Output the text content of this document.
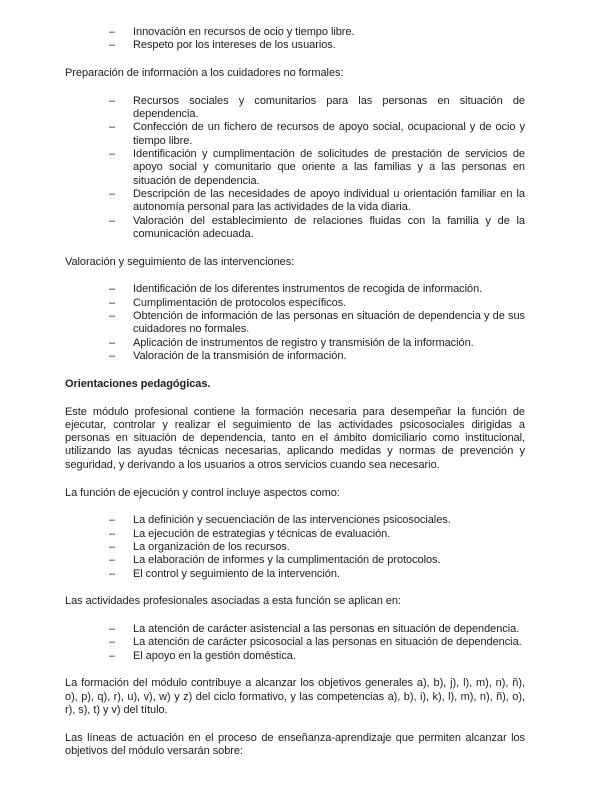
– Innovación en recursos de ocio y tiempo libre.
– Respeto por los intereses de los usuarios.

Preparación de información a los cuidadores no formales:

– Recursos sociales y comunitarios para las personas en situación de dependencia.
– Confección de un fichero de recursos de apoyo social, ocupacional y de ocio y tiempo libre.
– Identificación y cumplimentación de solicitudes de prestación de servicios de apoyo social y comunitario que oriente a las familias y a las personas en situación de dependencia.
– Descripción de las necesidades de apoyo individual u orientación familiar en la autonomía personal para las actividades de la vida diaria.
– Valoración del establecimiento de relaciones fluidas con la familia y de la comunicación adecuada.

Valoración y seguimiento de las intervenciones:

– Identificación de los diferentes instrumentos de recogida de información.
– Cumplimentación de protocolos específicos.
– Obtención de información de las personas en situación de dependencia y de sus cuidadores no formales.
– Aplicación de instrumentos de registro y transmisión de la información.
– Valoración de la transmisión de información.

Orientaciones pedagógicas.

Este módulo profesional contiene la formación necesaria para desempeñar la función de ejecutar, controlar y realizar el seguimiento de las actividades psicosociales dirigidas a personas en situación de dependencia, tanto en el ámbito domiciliario como institucional, utilizando las ayudas técnicas necesarias, aplicando medidas y normas de prevención y seguridad, y derivando a los usuarios a otros servicios cuando sea necesario.

La función de ejecución y control incluye aspectos como:

– La definición y secuenciación de las intervenciones psicosociales.
– La ejecución de estrategias y técnicas de evaluación.
– La organización de los recursos.
– La elaboración de informes y la cumplimentación de protocolos.
– El control y seguimiento de la intervención.

Las actividades profesionales asociadas a esta función se aplican en:

– La atención de carácter asistencial a las personas en situación de dependencia.
– La atención de carácter psicosocial a las personas en situación de dependencia.
– El apoyo en la gestión doméstica.

La formación del módulo contribuye a alcanzar los objetivos generales a), b), j), l), m), n), ñ), o), p), q), r), u), v), w) y z) del ciclo formativo, y las competencias a), b), i), k), l), m), n), ñ), o), r), s), t) y v) del título.

Las líneas de actuación en el proceso de enseñanza-aprendizaje que permiten alcanzar los objetivos del módulo versarán sobre:
